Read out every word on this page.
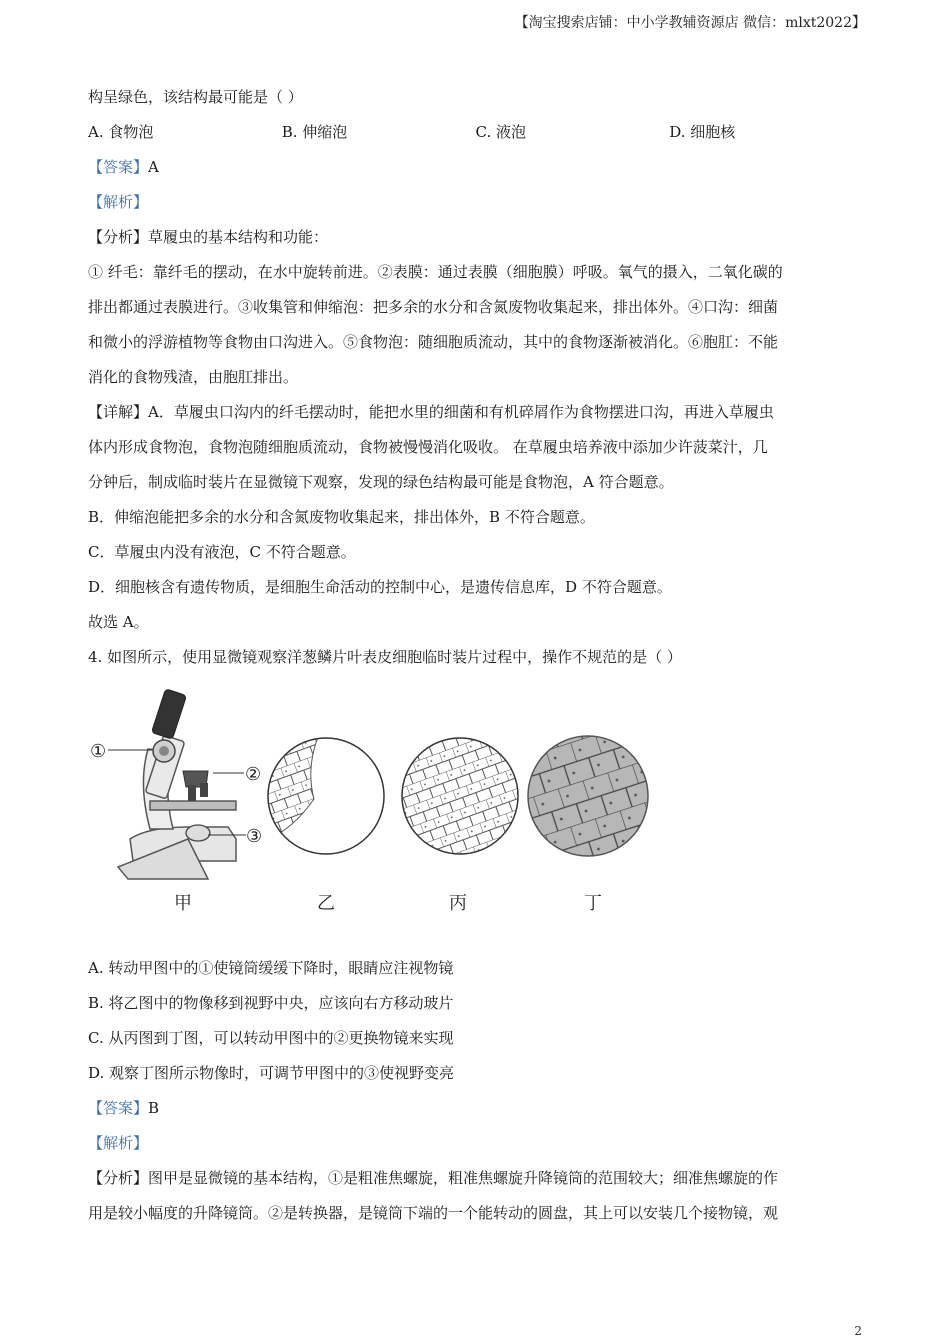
【淘宝搜索店铺：中小学教辅资源店 微信：mlxt2022】
构呈绿色，该结构最可能是（ ）
A. 食物泡	B. 伸缩泡	C. 液泡	D. 细胞核
【答案】A
【解析】
【分析】草履虫的基本结构和功能：
① 纤毛：靠纤毛的摆动，在水中旋转前进。②表膜：通过表膜（细胞膜）呼吸。氧气的摄入，二氧化碳的
排出都通过表膜进行。③收集管和伸缩泡：把多余的水分和含氮废物收集起来，排出体外。④口沟：细菌
和微小的浮游植物等食物由口沟进入。⑤食物泡：随细胞质流动，其中的食物逐渐被消化。⑥胞肛：不能
消化的食物残渣，由胞肛排出。
【详解】A．草履虫口沟内的纤毛摆动时，能把水里的细菌和有机碎屑作为食物摆进口沟，再进入草履虫
体内形成食物泡，食物泡随细胞质流动，食物被慢慢消化吸收。 在草履虫培养液中添加少许菠菜汁，几
分钟后，制成临时装片在显微镜下观察，发现的绿色结构最可能是食物泡，A 符合题意。
B．伸缩泡能把多余的水分和含氮废物收集起来，排出体外，B 不符合题意。
C．草履虫内没有液泡，C 不符合题意。
D．细胞核含有遗传物质，是细胞生命活动的控制中心，是遗传信息库，D 不符合题意。
故选 A。
4. 如图所示，使用显微镜观察洋葱鳞片叶表皮细胞临时装片过程中，操作不规范的是（ ）
①
②
③
甲	乙	丙	丁
A. 转动甲图中的①使镜筒缓缓下降时，眼睛应注视物镜
B. 将乙图中的物像移到视野中央，应该向右方移动玻片
C. 从丙图到丁图，可以转动甲图中的②更换物镜来实现
D. 观察丁图所示物像时，可调节甲图中的③使视野变亮
【答案】B
【解析】
【分析】图甲是显微镜的基本结构，①是粗准焦螺旋，粗准焦螺旋升降镜筒的范围较大；细准焦螺旋的作
用是较小幅度的升降镜筒。②是转换器，是镜筒下端的一个能转动的圆盘，其上可以安装几个接物镜，观
2
